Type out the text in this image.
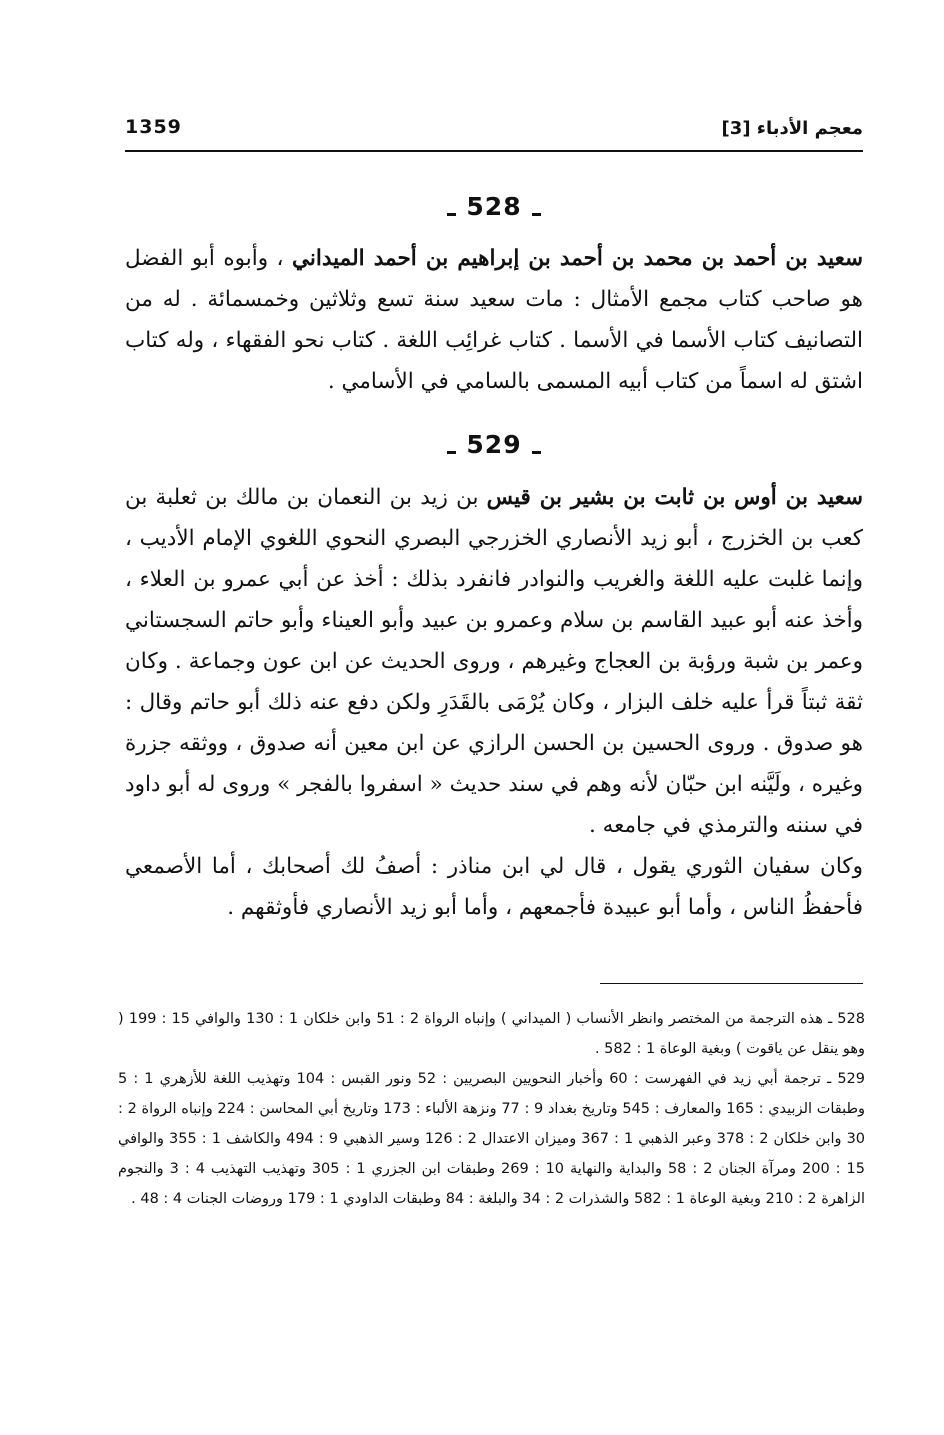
1359	معجم الأدباء [3]
528

سعيد بن أحمد بن محمد بن أحمد بن إبراهيم بن أحمد الميداني ، وأبوه أبو الفضل هو صاحب كتاب مجمع الأمثال : مات سعيد سنة تسع وثلاثين وخمسمائة . له من التصانيف كتاب الأسما في الأسما . كتاب غرائِب اللغة . كتاب نحو الفقهاء ، وله كتاب اشتق له اسماً من كتاب أبيه المسمى بالسامي في الأسامي .

529

سعيد بن أوس بن ثابت بن بشير بن قيس بن زيد بن النعمان بن مالك بن ثعلبة بن كعب بن الخزرج ، أبو زيد الأنصاري الخزرجي البصري النحوي اللغوي الإمام الأديب ، وإنما غلبت عليه اللغة والغريب والنوادر فانفرد بذلك : أخذ عن أبي عمرو بن العلاء ، وأخذ عنه أبو عبيد القاسم بن سلام وعمرو بن عبيد وأبو العيناء وأبو حاتم السجستاني وعمر بن شبة ورؤبة بن العجاج وغيرهم ، وروى الحديث عن ابن عون وجماعة . وكان ثقة ثبتاً قرأ عليه خلف البزار ، وكان يُرْمَى بالقَدَرِ ولكن دفع عنه ذلك أبو حاتم وقال : هو صدوق . وروى الحسين بن الحسن الرازي عن ابن معين أنه صدوق ، ووثقه جزرة وغيره ، ولَيَّنه ابن حبّان لأنه وهم في سند حديث « اسفروا بالفجر » وروى له أبو داود في سننه والترمذي في جامعه .

وكان سفيان الثوري يقول ، قال لي ابن مناذر : أصفُ لك أصحابك ، أما الأصمعي فأحفظُ الناس ، وأما أبو عبيدة فأجمعهم ، وأما أبو زيد الأنصاري فأوثقهم .

528 ـ هذه الترجمة من المختصر وانظر الأنساب ( الميداني ) وإنباه الرواة 2 : 51 وابن خلكان 1 : 130 والوافي 15 : 199 ( وهو ينقل عن ياقوت ) وبغية الوعاة 1 : 582 .

529 ـ ترجمة أبي زيد في الفهرست : 60 وأخبار النحويين البصريين : 52 ونور القبس : 104 وتهذيب اللغة للأزهري 1 : 5 وطبقات الزبيدي : 165 والمعارف : 545 وتاريخ بغداد 9 : 77 ونزهة الألباء : 173 وتاريخ أبي المحاسن : 224 وإنباه الرواة 2 : 30 وابن خلكان 2 : 378 وعبر الذهبي 1 : 367 وميزان الاعتدال 2 : 126 وسير الذهبي 9 : 494 والكاشف 1 : 355 والوافي 15 : 200 ومرآة الجنان 2 : 58 والبداية والنهاية 10 : 269 وطبقات ابن الجزري 1 : 305 وتهذيب التهذيب 4 : 3 والنجوم الزاهرة 2 : 210 وبغية الوعاة 1 : 582 والشذرات 2 : 34 والبلغة : 84 وطبقات الداودي 1 : 179 وروضات الجنات 4 : 48 .
